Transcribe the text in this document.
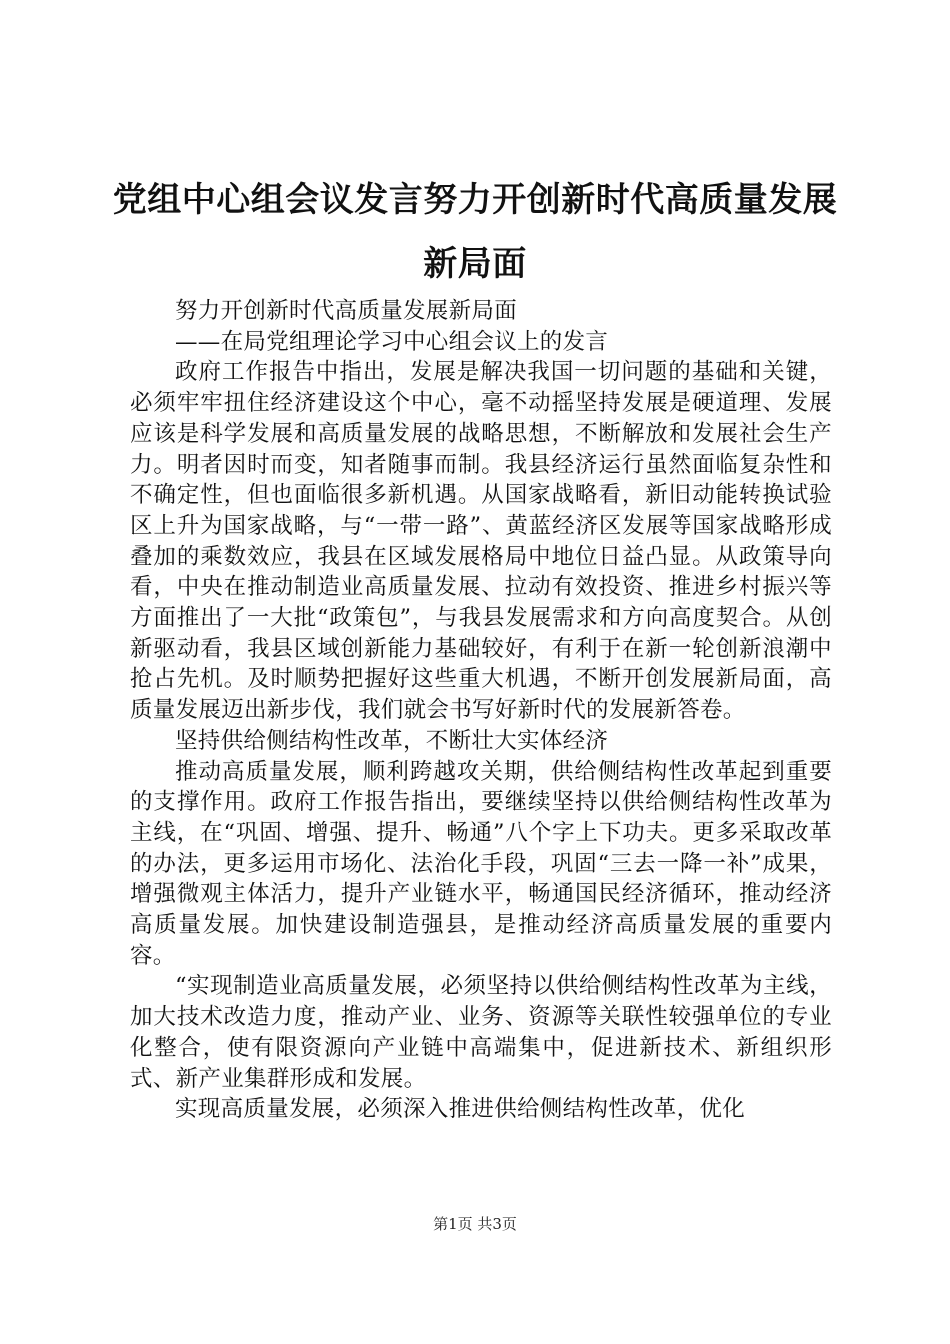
党组中心组会议发言努力开创新时代高质量发展新局面

努力开创新时代高质量发展新局面

——在局党组理论学习中心组会议上的发言

政府工作报告中指出，发展是解决我国一切问题的基础和关键，必须牢牢扭住经济建设这个中心，毫不动摇坚持发展是硬道理、发展应该是科学发展和高质量发展的战略思想，不断解放和发展社会生产力。明者因时而变，知者随事而制。我县经济运行虽然面临复杂性和不确定性，但也面临很多新机遇。从国家战略看，新旧动能转换试验区上升为国家战略，与“一带一路”、黄蓝经济区发展等国家战略形成叠加的乘数效应，我县在区域发展格局中地位日益凸显。从政策导向看，中央在推动制造业高质量发展、拉动有效投资、推进乡村振兴等方面推出了一大批“政策包”，与我县发展需求和方向高度契合。从创新驱动看，我县区域创新能力基础较好，有利于在新一轮创新浪潮中抢占先机。及时顺势把握好这些重大机遇，不断开创发展新局面，高质量发展迈出新步伐，我们就会书写好新时代的发展新答卷。

坚持供给侧结构性改革，不断壮大实体经济

推动高质量发展，顺利跨越攻关期，供给侧结构性改革起到重要的支撑作用。政府工作报告指出，要继续坚持以供给侧结构性改革为主线，在“巩固、增强、提升、畅通”八个字上下功夫。更多采取改革的办法，更多运用市场化、法治化手段，巩固“三去一降一补”成果，增强微观主体活力，提升产业链水平，畅通国民经济循环，推动经济高质量发展。加快建设制造强县，是推动经济高质量发展的重要内容。

“实现制造业高质量发展，必须坚持以供给侧结构性改革为主线，加大技术改造力度，推动产业、业务、资源等关联性较强单位的专业化整合，使有限资源向产业链中高端集中，促进新技术、新组织形式、新产业集群形成和发展。

实现高质量发展，必须深入推进供给侧结构性改革，优化

第1页 共3页
